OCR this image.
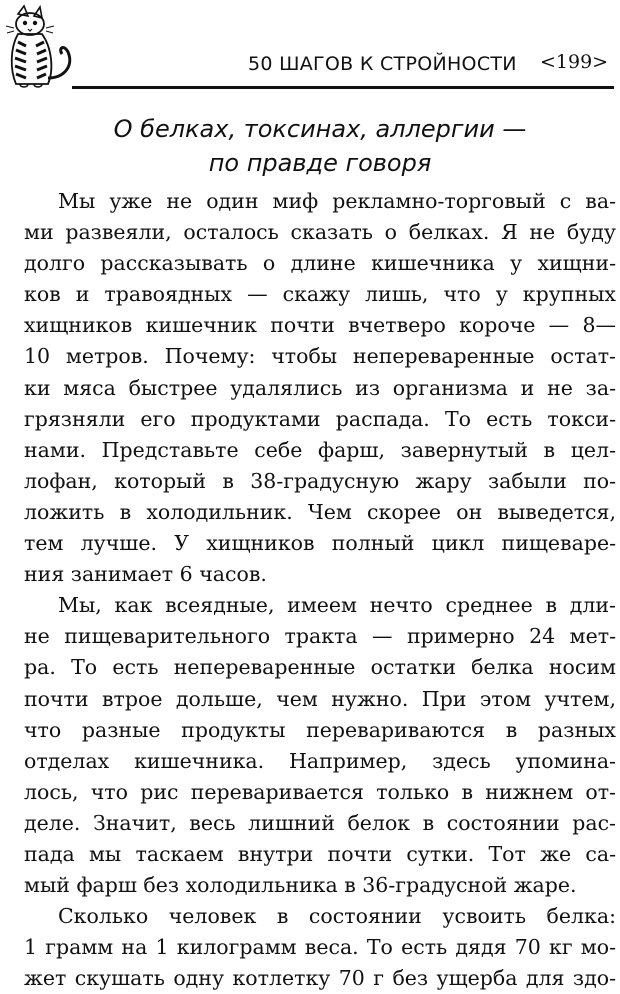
50 ШАГОВ К СТРОЙНОСТИ <199>
О белках, токсинах, аллергии —
по правде говоря
Мы уже не один миф рекламно-торговый с ва-
ми развеяли, осталось сказать о белках. Я не буду
долго рассказывать о длине кишечника у хищни-
ков и травоядных — скажу лишь, что у крупных
хищников кишечник почти вчетверо короче — 8—
10 метров. Почему: чтобы непереваренные остат-
ки мяса быстрее удалялись из организма и не за-
грязняли его продуктами распада. То есть токси-
нами. Представьте себе фарш, завернутый в цел-
лофан, который в 38-градусную жару забыли по-
ложить в холодильник. Чем скорее он выведется,
тем лучше. У хищников полный цикл пищеваре-
ния занимает 6 часов.
Мы, как всеядные, имеем нечто среднее в дли-
не пищеварительного тракта — примерно 24 мет-
ра. То есть непереваренные остатки белка носим
почти втрое дольше, чем нужно. При этом учтем,
что разные продукты перевариваются в разных
отделах кишечника. Например, здесь упомина-
лось, что рис переваривается только в нижнем от-
деле. Значит, весь лишний белок в состоянии рас-
пада мы таскаем внутри почти сутки. Тот же са-
мый фарш без холодильника в 36-градусной жаре.
Сколько человек в состоянии усвоить белка:
1 грамм на 1 килограмм веса. То есть дядя 70 кг мо-
жет скушать одну котлетку 70 г без ущерба для здо-
